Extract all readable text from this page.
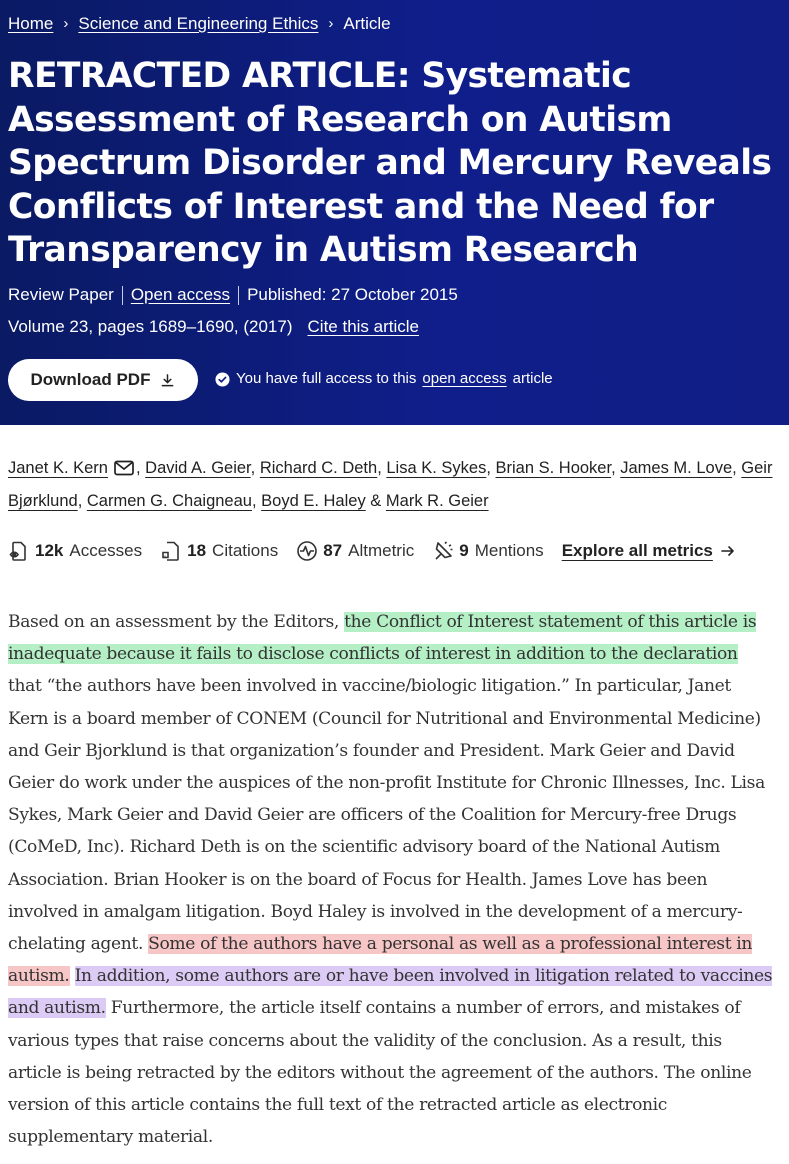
Home › Science and Engineering Ethics › Article
RETRACTED ARTICLE: Systematic Assessment of Research on Autism Spectrum Disorder and Mercury Reveals Conflicts of Interest and the Need for Transparency in Autism Research
Review Paper Open access Published: 27 October 2015
Volume 23, pages 1689–1690, (2017) Cite this article
Download PDF	You have full access to this open access article
Janet K. Kern , David A. Geier, Richard C. Deth, Lisa K. Sykes, Brian S. Hooker, James M. Love, Geir Bjørklund, Carmen G. Chaigneau, Boyd E. Haley & Mark R. Geier
12k Accesses	“ 18 Citations	87 Altmetric	9 Mentions Explore all metrics
Based on an assessment by the Editors, the Conflict of Interest statement of this article is inadequate because it fails to disclose conflicts of interest in addition to the declaration that “the authors have been involved in vaccine/biologic litigation.” In particular, Janet Kern is a board member of CONEM (Council for Nutritional and Environmental Medicine) and Geir Bjorklund is that organization’s founder and President. Mark Geier and David Geier do work under the auspices of the non-profit Institute for Chronic Illnesses, Inc. Lisa Sykes, Mark Geier and David Geier are officers of the Coalition for Mercury-free Drugs (CoMeD, Inc). Richard Deth is on the scientific advisory board of the National Autism Association. Brian Hooker is on the board of Focus for Health. James Love has been involved in amalgam litigation. Boyd Haley is involved in the development of a mercury-chelating agent. Some of the authors have a personal as well as a professional interest in autism. In addition, some authors are or have been involved in litigation related to vaccines and autism. Furthermore, the article itself contains a number of errors, and mistakes of various types that raise concerns about the validity of the conclusion. As a result, this article is being retracted by the editors without the agreement of the authors. The online version of this article contains the full text of the retracted article as electronic supplementary material.
